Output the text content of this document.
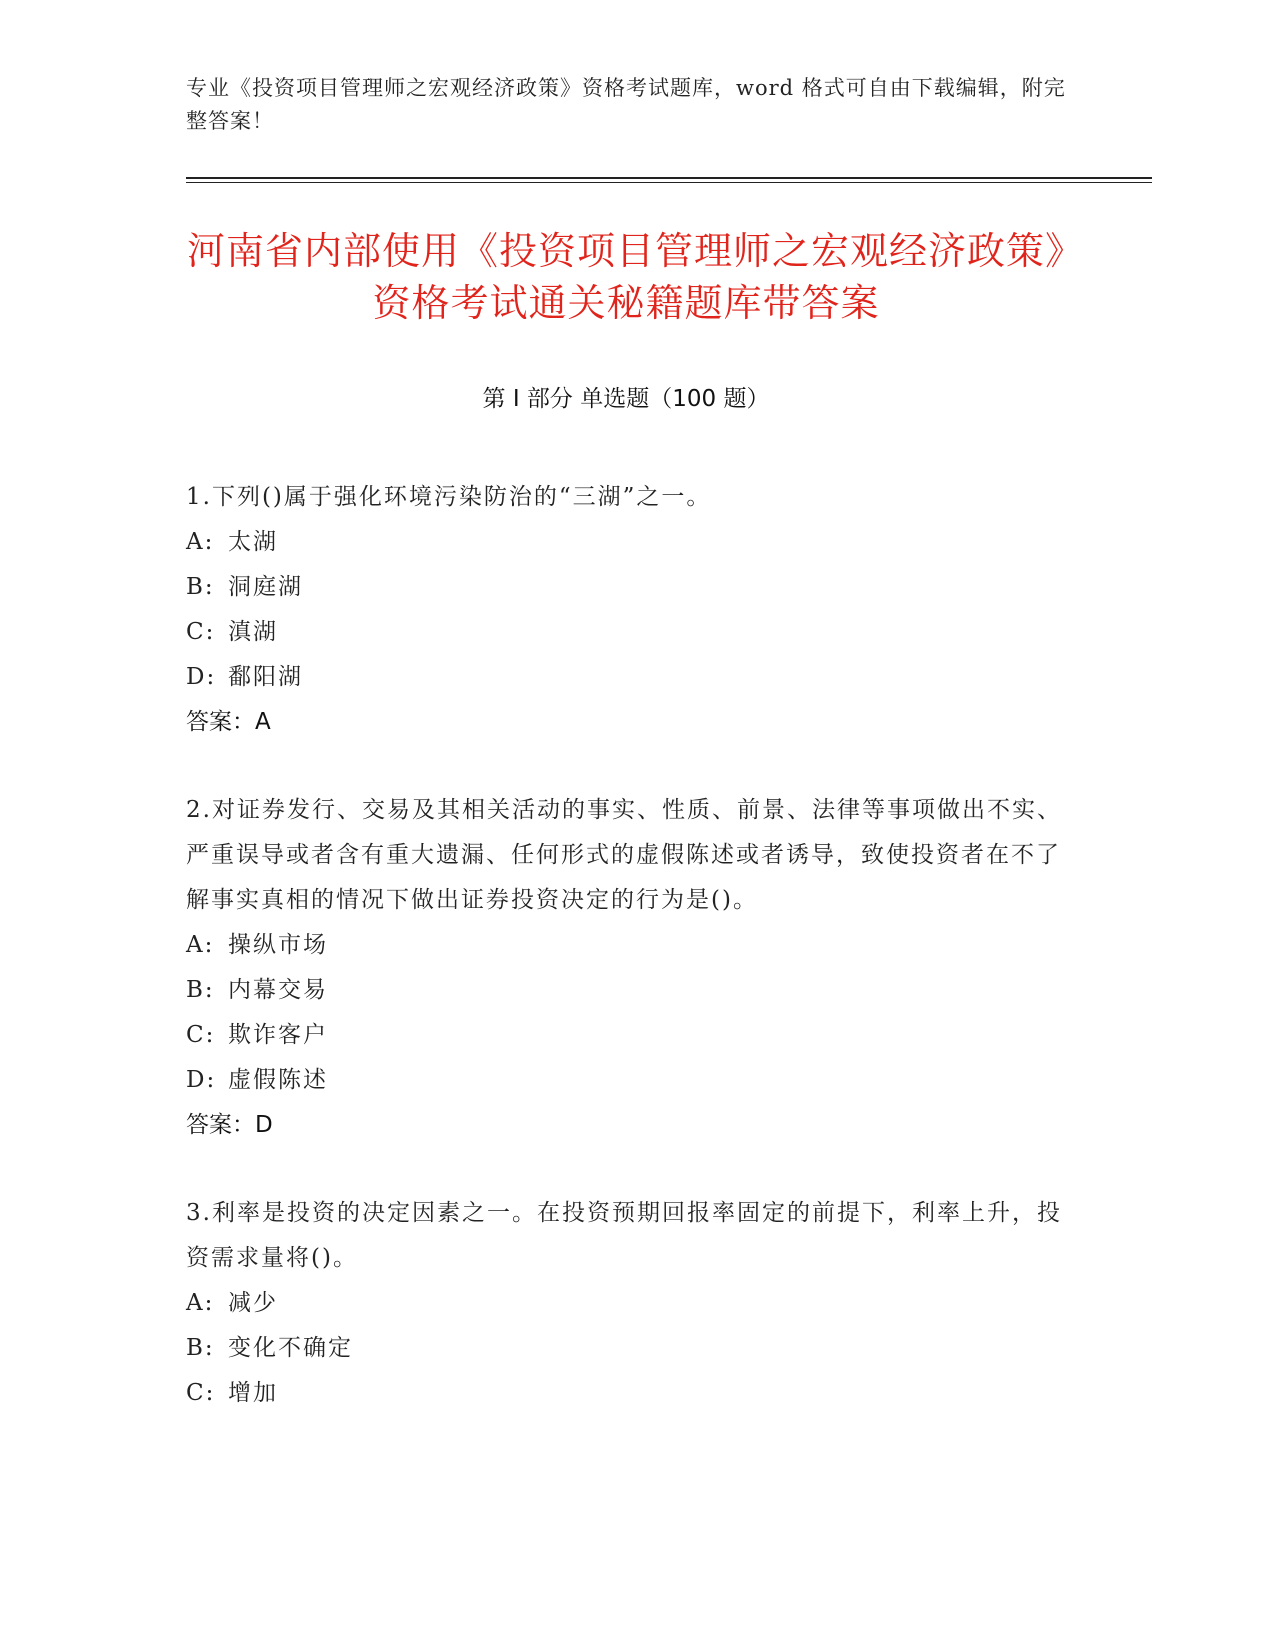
专业《投资项目管理师之宏观经济政策》资格考试题库，word 格式可自由下载编辑，附完整答案！
河南省内部使用《投资项目管理师之宏观经济政策》资格考试通关秘籍题库带答案
第 I 部分 单选题（100 题）

1.下列()属于强化环境污染防治的“三湖”之一。

A: 太湖

B: 洞庭湖

C: 滇湖

D: 鄱阳湖

答案：A

2.对证券发行、交易及其相关活动的事实、性质、前景、法律等事项做出不实、严重误导或者含有重大遗漏、任何形式的虚假陈述或者诱导，致使投资者在不了解事实真相的情况下做出证券投资决定的行为是()。

A: 操纵市场

B: 内幕交易

C: 欺诈客户

D: 虚假陈述

答案：D

3.利率是投资的决定因素之一。在投资预期回报率固定的前提下，利率上升，投资需求量将()。

A: 减少

B: 变化不确定

C: 增加
